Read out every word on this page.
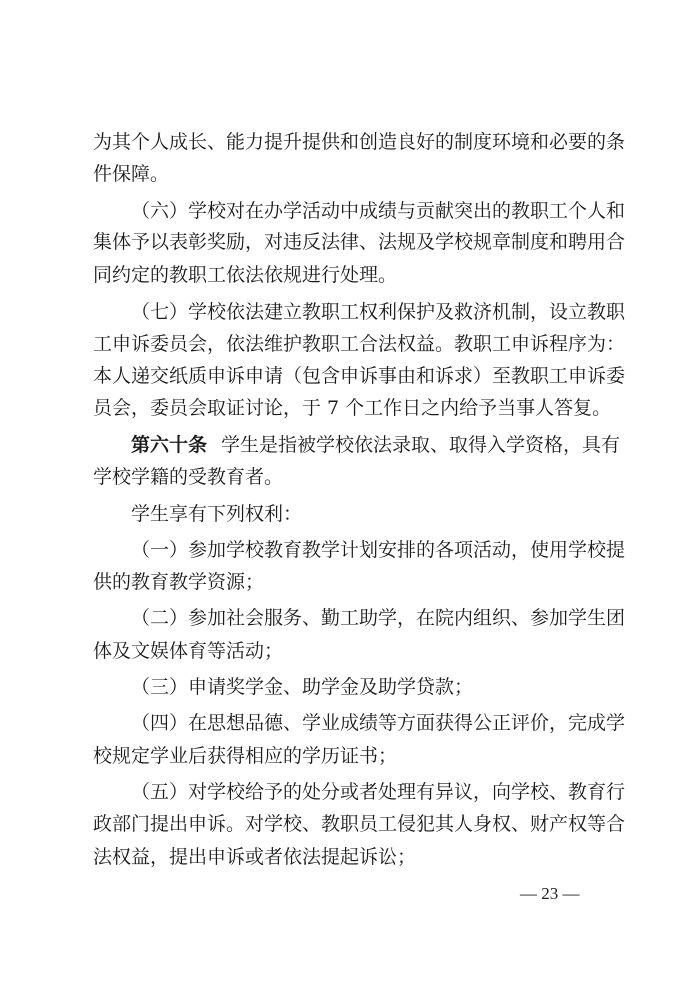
为其个人成长、能力提升提供和创造良好的制度环境和必要的条
件保障。
（六）学校对在办学活动中成绩与贡献突出的教职工个人和
集体予以表彰奖励，对违反法律、法规及学校规章制度和聘用合
同约定的教职工依法依规进行处理。
（七）学校依法建立教职工权利保护及救济机制，设立教职
工申诉委员会，依法维护教职工合法权益。教职工申诉程序为：
本人递交纸质申诉申请（包含申诉事由和诉求）至教职工申诉委
员会，委员会取证讨论，于 7 个工作日之内给予当事人答复。
第六十条 学生是指被学校依法录取、取得入学资格，具有
学校学籍的受教育者。
学生享有下列权利：
（一）参加学校教育教学计划安排的各项活动，使用学校提
供的教育教学资源；
（二）参加社会服务、勤工助学，在院内组织、参加学生团
体及文娱体育等活动；
（三）申请奖学金、助学金及助学贷款；
（四）在思想品德、学业成绩等方面获得公正评价，完成学
校规定学业后获得相应的学历证书；
（五）对学校给予的处分或者处理有异议，向学校、教育行
政部门提出申诉。对学校、教职员工侵犯其人身权、财产权等合
法权益，提出申诉或者依法提起诉讼；
— 23 —
